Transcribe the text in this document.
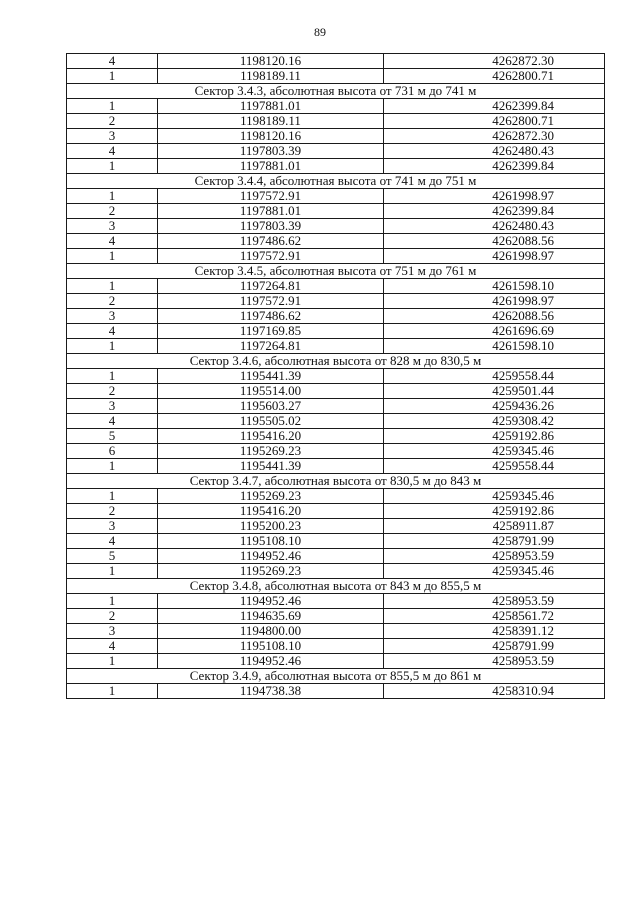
89
4	1198120.16	4262872.30
1	1198189.11	4262800.71
Сектор 3.4.3, абсолютная высота от 731 м до 741 м		
1	1197881.01	4262399.84
2	1198189.11	4262800.71
3	1198120.16	4262872.30
4	1197803.39	4262480.43
1	1197881.01	4262399.84
Сектор 3.4.4, абсолютная высота от 741 м до 751 м		
1	1197572.91	4261998.97
2	1197881.01	4262399.84
3	1197803.39	4262480.43
4	1197486.62	4262088.56
1	1197572.91	4261998.97
Сектор 3.4.5, абсолютная высота от 751 м до 761 м		
1	1197264.81	4261598.10
2	1197572.91	4261998.97
3	1197486.62	4262088.56
4	1197169.85	4261696.69
1	1197264.81	4261598.10
Сектор 3.4.6, абсолютная высота от 828 м до 830,5 м		
1	1195441.39	4259558.44
2	1195514.00	4259501.44
3	1195603.27	4259436.26
4	1195505.02	4259308.42
5	1195416.20	4259192.86
6	1195269.23	4259345.46
1	1195441.39	4259558.44
Сектор 3.4.7, абсолютная высота от 830,5 м до 843 м		
1	1195269.23	4259345.46
2	1195416.20	4259192.86
3	1195200.23	4258911.87
4	1195108.10	4258791.99
5	1194952.46	4258953.59
1	1195269.23	4259345.46
Сектор 3.4.8, абсолютная высота от 843 м до 855,5 м		
1	1194952.46	4258953.59
2	1194635.69	4258561.72
3	1194800.00	4258391.12
4	1195108.10	4258791.99
1	1194952.46	4258953.59
Сектор 3.4.9, абсолютная высота от 855,5 м до 861 м		
1	1194738.38	4258310.94
